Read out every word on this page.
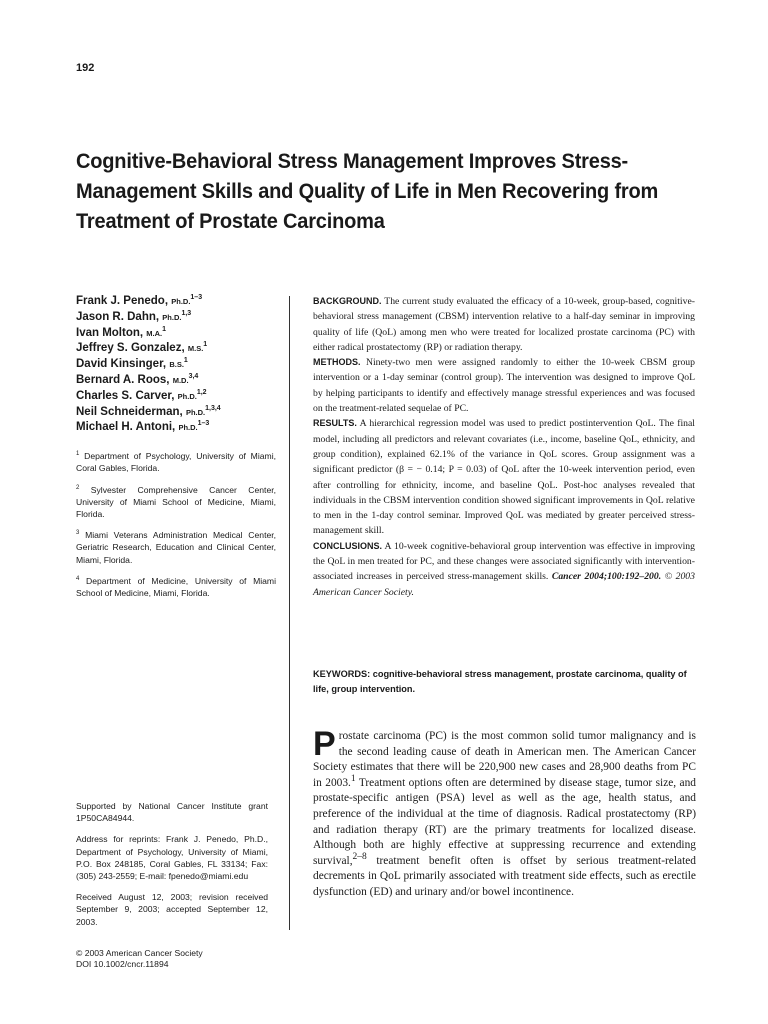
192
Cognitive-Behavioral Stress Management Improves Stress-Management Skills and Quality of Life in Men Recovering from Treatment of Prostate Carcinoma
Frank J. Penedo, Ph.D.$^{1-3}$
Jason R. Dahn, Ph.D.$^{1,3}$
Ivan Molton, M.A.$^1$
Jeffrey S. Gonzalez, M.S.$^1$
David Kinsinger, B.S.$^1$
Bernard A. Roos, M.D.$^{3,4}$
Charles S. Carver, Ph.D.$^{1,2}$
Neil Schneiderman, Ph.D.$^{1,3,4}$
Michael H. Antoni, Ph.D.$^{1-3}$
$^1$ Department of Psychology, University of Miami, Coral Gables, Florida.
$^2$ Sylvester Comprehensive Cancer Center, University of Miami School of Medicine, Miami, Florida.
$^3$ Miami Veterans Administration Medical Center, Geriatric Research, Education and Clinical Center, Miami, Florida.
$^4$ Department of Medicine, University of Miami School of Medicine, Miami, Florida.
Supported by National Cancer Institute grant 1P50CA84944.
Address for reprints: Frank J. Penedo, Ph.D., Department of Psychology, University of Miami, P.O. Box 248185, Coral Gables, FL 33134; Fax: (305) 243-2559; E-mail: fpenedo@miami.edu
Received August 12, 2003; revision received September 9, 2003; accepted September 12, 2003.
© 2003 American Cancer Society
DOI 10.1002/cncr.11894

BACKGROUND. The current study evaluated the efficacy of a 10-week, group-based, cognitive-behavioral stress management (CBSM) intervention relative to a half-day seminar in improving quality of life (QoL) among men who were treated for localized prostate carcinoma (PC) with either radical prostatectomy (RP) or radiation therapy.

METHODS. Ninety-two men were assigned randomly to either the 10-week CBSM group intervention or a 1-day seminar (control group). The intervention was designed to improve QoL by helping participants to identify and effectively manage stressful experiences and was focused on the treatment-related sequelae of PC.

RESULTS. A hierarchical regression model was used to predict postintervention QoL. The final model, including all predictors and relevant covariates (i.e., income, baseline QoL, ethnicity, and group condition), explained 62.1% of the variance in QoL scores. Group assignment was a significant predictor (β = − 0.14; P = 0.03) of QoL after the 10-week intervention period, even after controlling for ethnicity, income, and baseline QoL. Post-hoc analyses revealed that individuals in the CBSM intervention condition showed significant improvements in QoL relative to men in the 1-day control seminar. Improved QoL was mediated by greater perceived stress-management skill.

CONCLUSIONS. A 10-week cognitive-behavioral group intervention was effective in improving the QoL in men treated for PC, and these changes were associated significantly with intervention-associated increases in perceived stress-management skills. Cancer 2004;100:192–200. © 2003 American Cancer Society.

KEYWORDS: cognitive-behavioral stress management, prostate carcinoma, quality of life, group intervention.

Prostate carcinoma (PC) is the most common solid tumor malignancy and is the second leading cause of death in American men. The American Cancer Society estimates that there will be 220,900 new cases and 28,900 deaths from PC in 2003.$^1$ Treatment options often are determined by disease stage, tumor size, and prostate-specific antigen (PSA) level as well as the age, health status, and preference of the individual at the time of diagnosis. Radical prostatectomy (RP) and radiation therapy (RT) are the primary treatments for localized disease. Although both are highly effective at suppressing recurrence and extending survival,$^{2-8}$ treatment benefit often is offset by serious treatment-related decrements in QoL primarily associated with treatment side effects, such as erectile dysfunction (ED) and urinary and/or bowel incontinence.
